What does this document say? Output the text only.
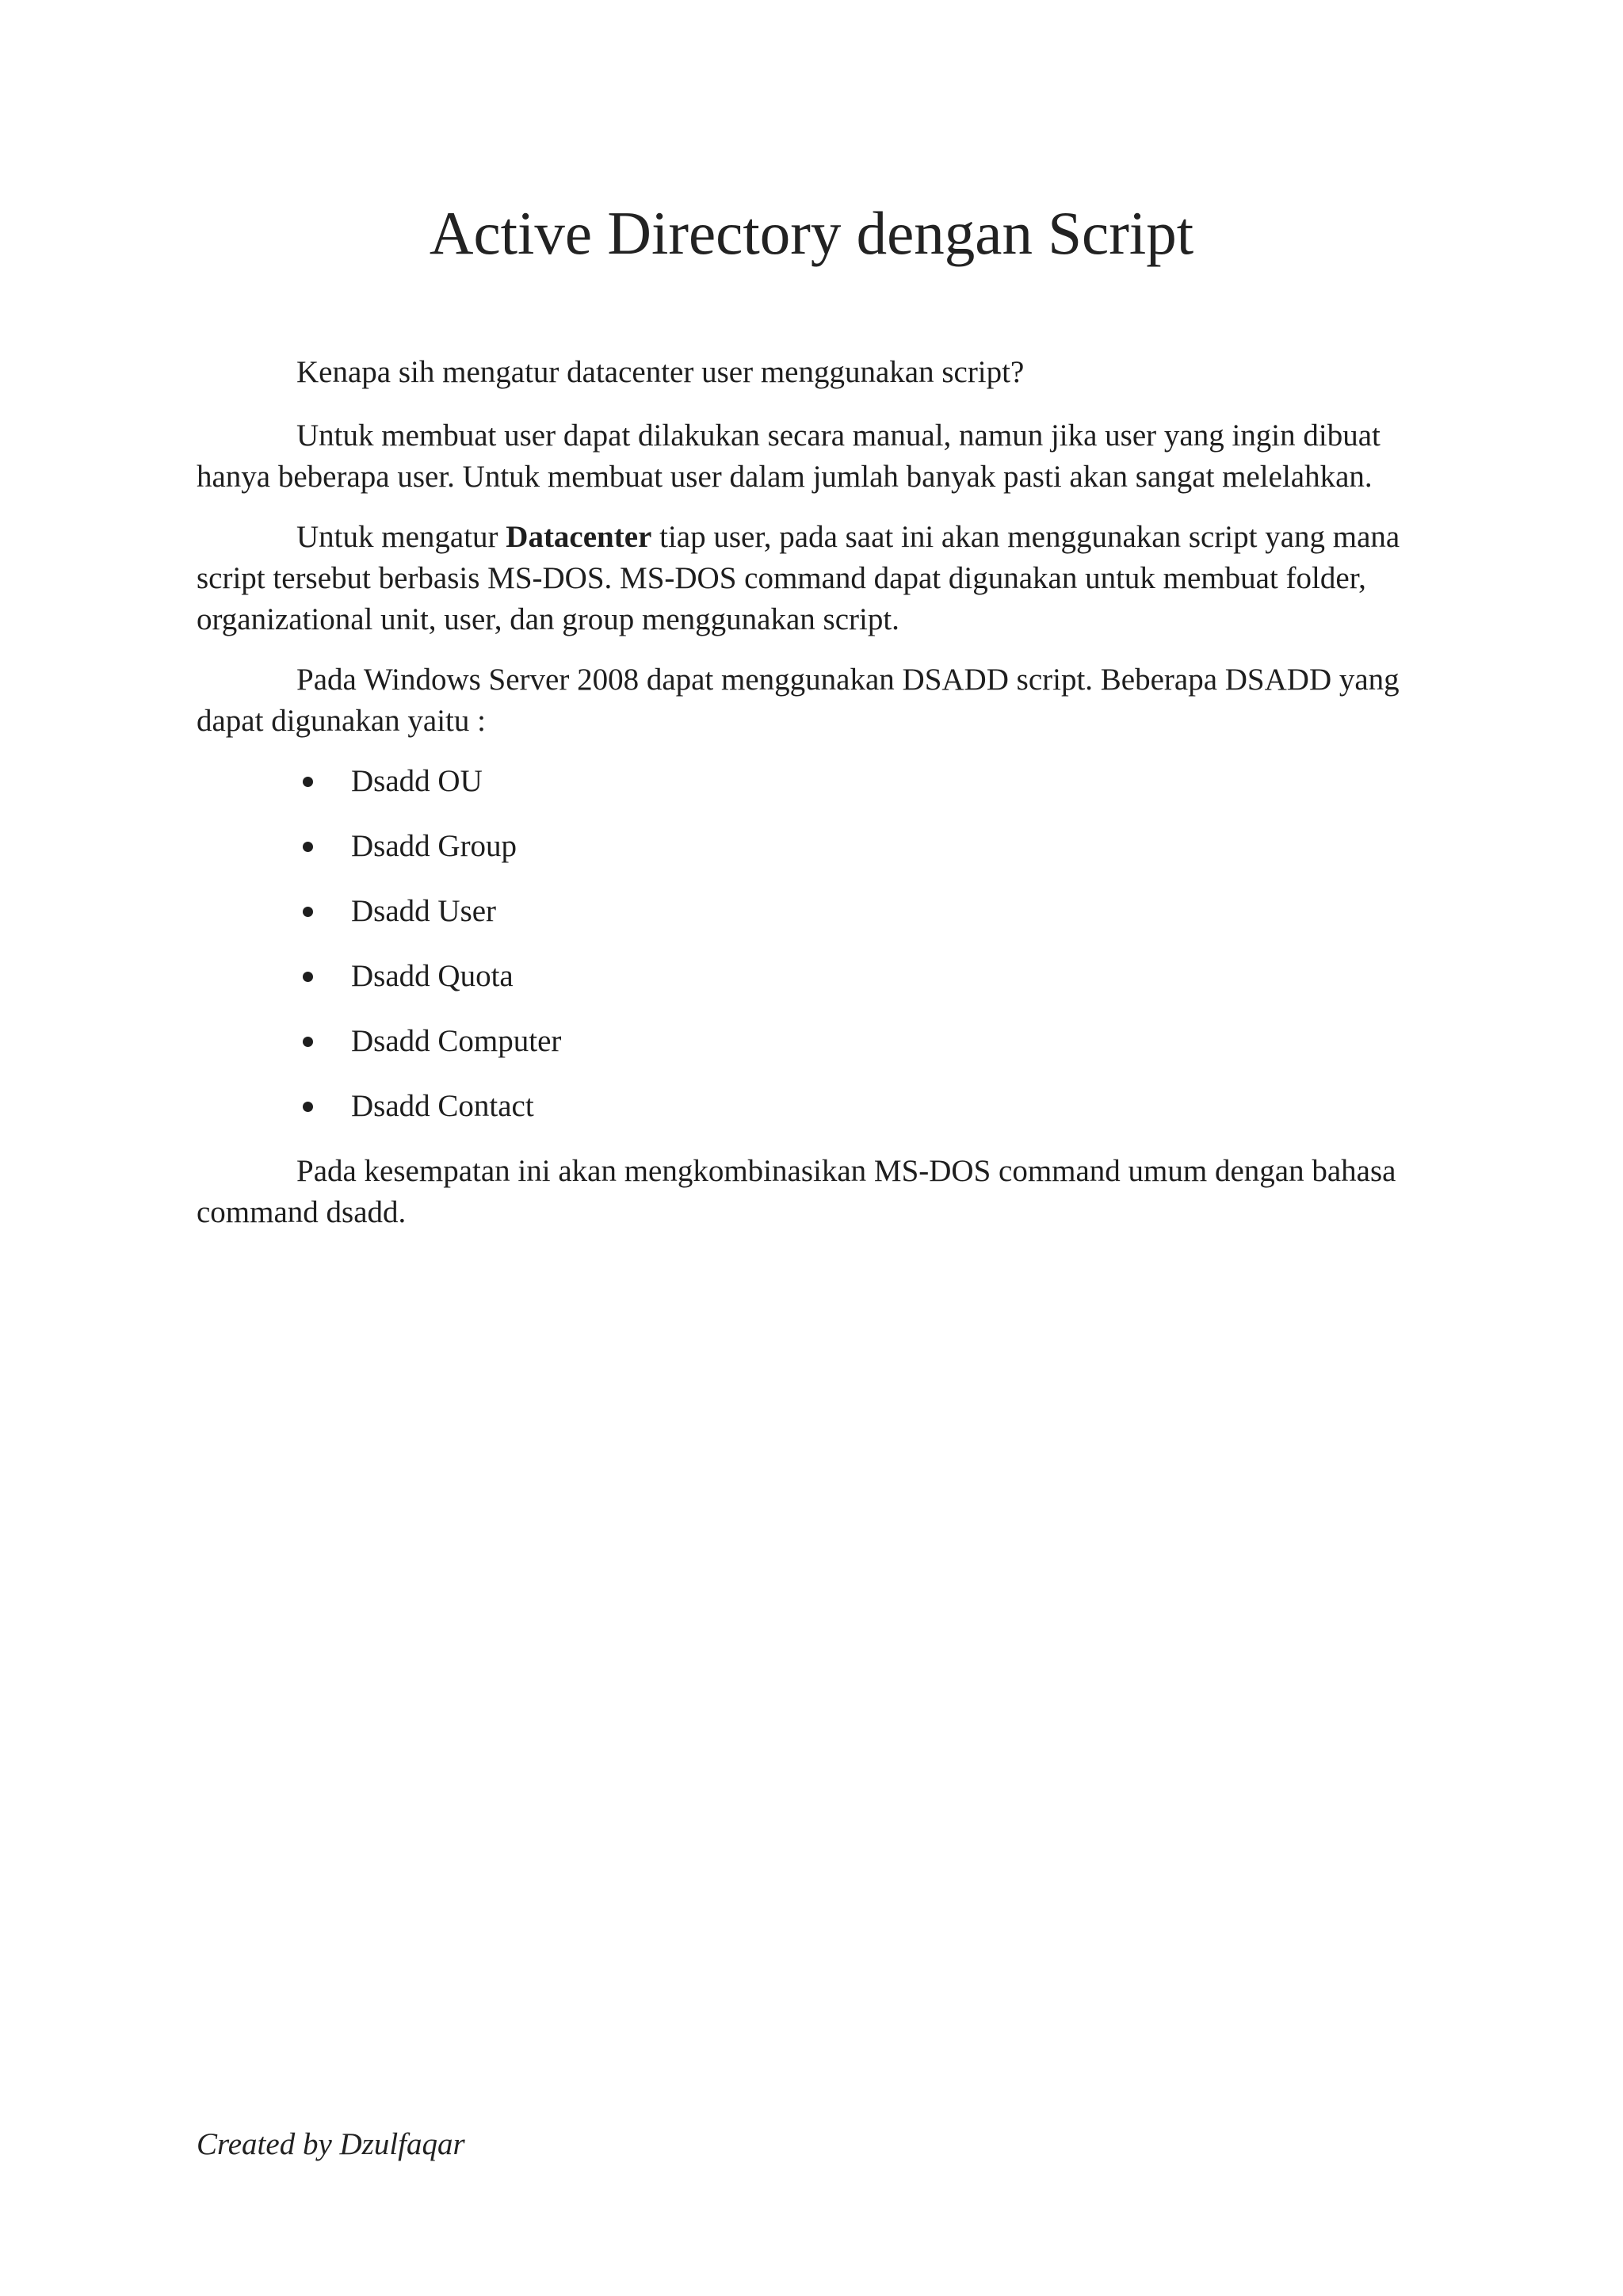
Active Directory dengan Script

Kenapa sih mengatur datacenter user menggunakan script?

Untuk membuat user dapat dilakukan secara manual, namun jika user yang ingin dibuat hanya beberapa user. Untuk membuat user dalam jumlah banyak pasti akan sangat melelahkan.

Untuk mengatur Datacenter tiap user, pada saat ini akan menggunakan script yang mana script tersebut berbasis MS-DOS. MS-DOS command dapat digunakan untuk membuat folder, organizational unit, user, dan group menggunakan script.

Pada Windows Server 2008 dapat menggunakan DSADD script. Beberapa DSADD yang dapat digunakan yaitu :

Dsadd OU
Dsadd Group
Dsadd User
Dsadd Quota
Dsadd Computer
Dsadd Contact

Pada kesempatan ini akan mengkombinasikan MS-DOS command umum dengan bahasa command dsadd.

Created by Dzulfaqar
